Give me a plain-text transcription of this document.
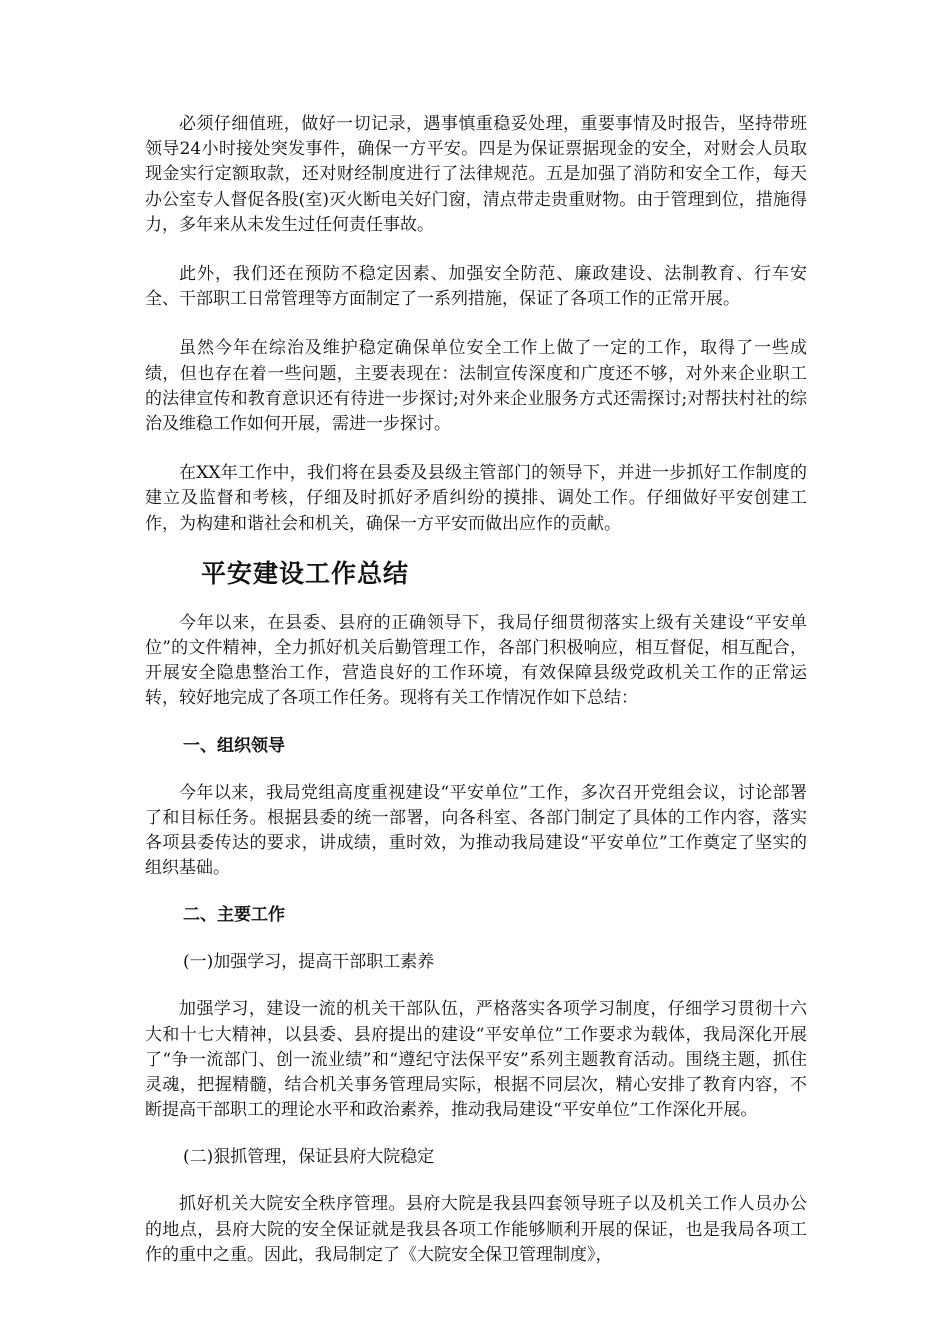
必须仔细值班，做好一切记录，遇事慎重稳妥处理，重要事情及时报告，坚持带班领导24小时接处突发事件，确保一方平安。四是为保证票据现金的安全，对财会人员取现金实行定额取款，还对财经制度进行了法律规范。五是加强了消防和安全工作，每天办公室专人督促各股(室)灭火断电关好门窗，清点带走贵重财物。由于管理到位，措施得力，多年来从未发生过任何责任事故。

此外，我们还在预防不稳定因素、加强安全防范、廉政建设、法制教育、行车安全、干部职工日常管理等方面制定了一系列措施，保证了各项工作的正常开展。

虽然今年在综治及维护稳定确保单位安全工作上做了一定的工作，取得了一些成绩，但也存在着一些问题，主要表现在：法制宣传深度和广度还不够，对外来企业职工的法律宣传和教育意识还有待进一步探讨;对外来企业服务方式还需探讨;对帮扶村社的综治及维稳工作如何开展，需进一步探讨。

在XX年工作中，我们将在县委及县级主管部门的领导下，并进一步抓好工作制度的建立及监督和考核，仔细及时抓好矛盾纠纷的摸排、调处工作。仔细做好平安创建工作，为构建和谐社会和机关，确保一方平安而做出应作的贡献。

平安建设工作总结

今年以来，在县委、县府的正确领导下，我局仔细贯彻落实上级有关建设“平安单位”的文件精神，全力抓好机关后勤管理工作，各部门积极响应，相互督促，相互配合，开展安全隐患整治工作，营造良好的工作环境，有效保障县级党政机关工作的正常运转，较好地完成了各项工作任务。现将有关工作情况作如下总结：

一、组织领导

今年以来，我局党组高度重视建设“平安单位”工作，多次召开党组会议，讨论部署了和目标任务。根据县委的统一部署，向各科室、各部门制定了具体的工作内容，落实各项县委传达的要求，讲成绩，重时效，为推动我局建设“平安单位”工作奠定了坚实的组织基础。

二、主要工作

(一)加强学习，提高干部职工素养

加强学习，建设一流的机关干部队伍，严格落实各项学习制度，仔细学习贯彻十六大和十七大精神，以县委、县府提出的建设“平安单位”工作要求为载体，我局深化开展了“争一流部门、创一流业绩”和“遵纪守法保平安”系列主题教育活动。围绕主题，抓住灵魂，把握精髓，结合机关事务管理局实际，根据不同层次，精心安排了教育内容，不断提高干部职工的理论水平和政治素养，推动我局建设“平安单位”工作深化开展。

(二)狠抓管理，保证县府大院稳定

抓好机关大院安全秩序管理。县府大院是我县四套领导班子以及机关工作人员办公的地点，县府大院的安全保证就是我县各项工作能够顺利开展的保证，也是我局各项工作的重中之重。因此，我局制定了《大院安全保卫管理制度》，
